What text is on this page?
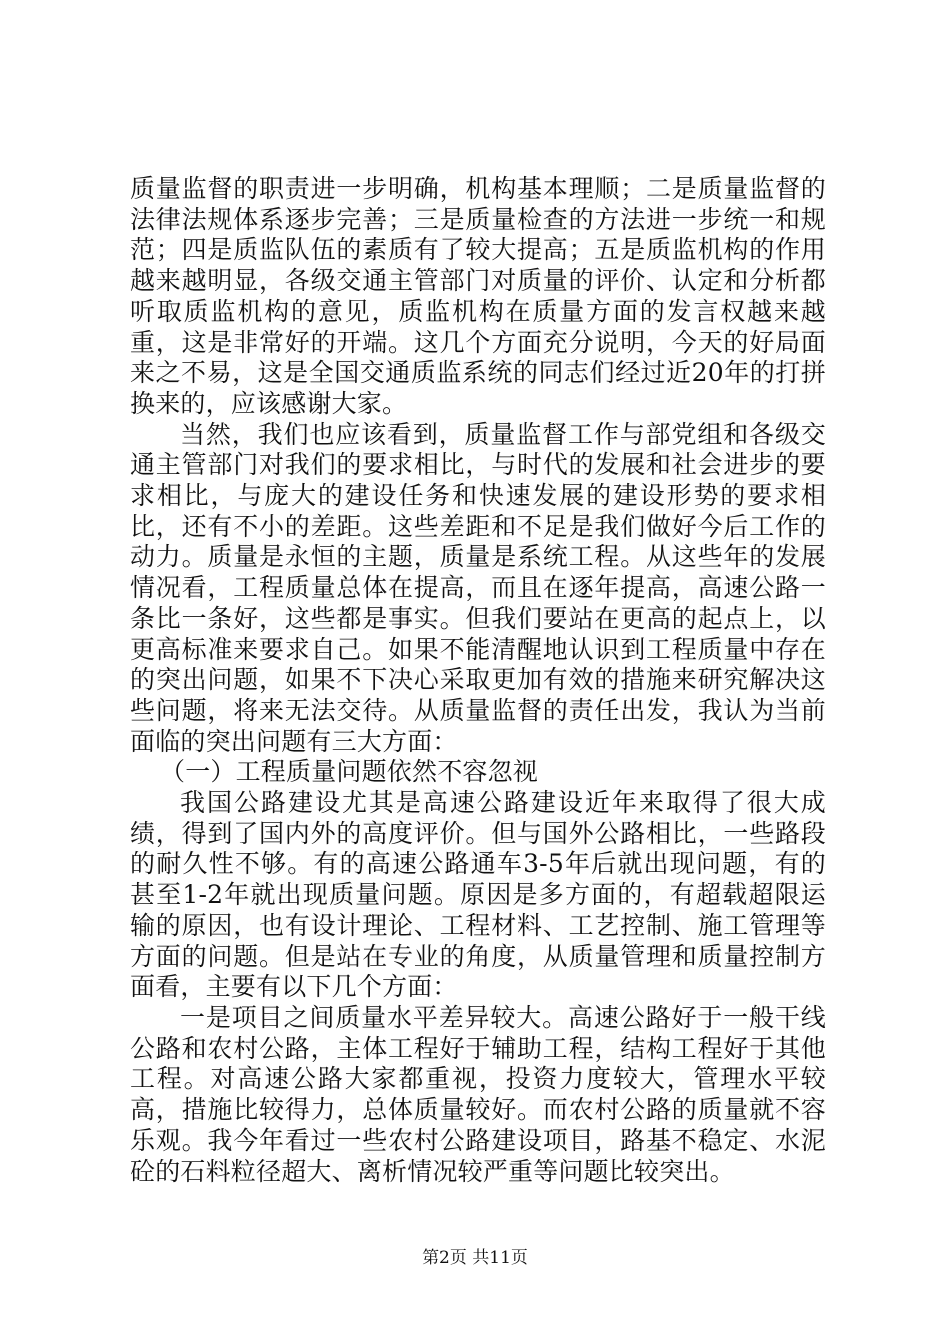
质量监督的职责进一步明确，机构基本理顺；二是质量监督的法律法规体系逐步完善；三是质量检查的方法进一步统一和规范；四是质监队伍的素质有了较大提高；五是质监机构的作用越来越明显，各级交通主管部门对质量的评价、认定和分析都听取质监机构的意见，质监机构在质量方面的发言权越来越重，这是非常好的开端。这几个方面充分说明，今天的好局面来之不易，这是全国交通质监系统的同志们经过近20年的打拼换来的，应该感谢大家。

当然，我们也应该看到，质量监督工作与部党组和各级交通主管部门对我们的要求相比，与时代的发展和社会进步的要求相比，与庞大的建设任务和快速发展的建设形势的要求相比，还有不小的差距。这些差距和不足是我们做好今后工作的动力。质量是永恒的主题，质量是系统工程。从这些年的发展情况看，工程质量总体在提高，而且在逐年提高，高速公路一条比一条好，这些都是事实。但我们要站在更高的起点上，以更高标准来要求自己。如果不能清醒地认识到工程质量中存在的突出问题，如果不下决心采取更加有效的措施来研究解决这些问题，将来无法交待。从质量监督的责任出发，我认为当前面临的突出问题有三大方面：

（一）工程质量问题依然不容忽视

我国公路建设尤其是高速公路建设近年来取得了很大成绩，得到了国内外的高度评价。但与国外公路相比，一些路段的耐久性不够。有的高速公路通车3-5年后就出现问题，有的甚至1-2年就出现质量问题。原因是多方面的，有超载超限运输的原因，也有设计理论、工程材料、工艺控制、施工管理等方面的问题。但是站在专业的角度，从质量管理和质量控制方面看，主要有以下几个方面：

一是项目之间质量水平差异较大。高速公路好于一般干线公路和农村公路，主体工程好于辅助工程，结构工程好于其他工程。对高速公路大家都重视，投资力度较大，管理水平较高，措施比较得力，总体质量较好。而农村公路的质量就不容乐观。我今年看过一些农村公路建设项目，路基不稳定、水泥砼的石料粒径超大、离析情况较严重等问题比较突出。

第2页 共11页
